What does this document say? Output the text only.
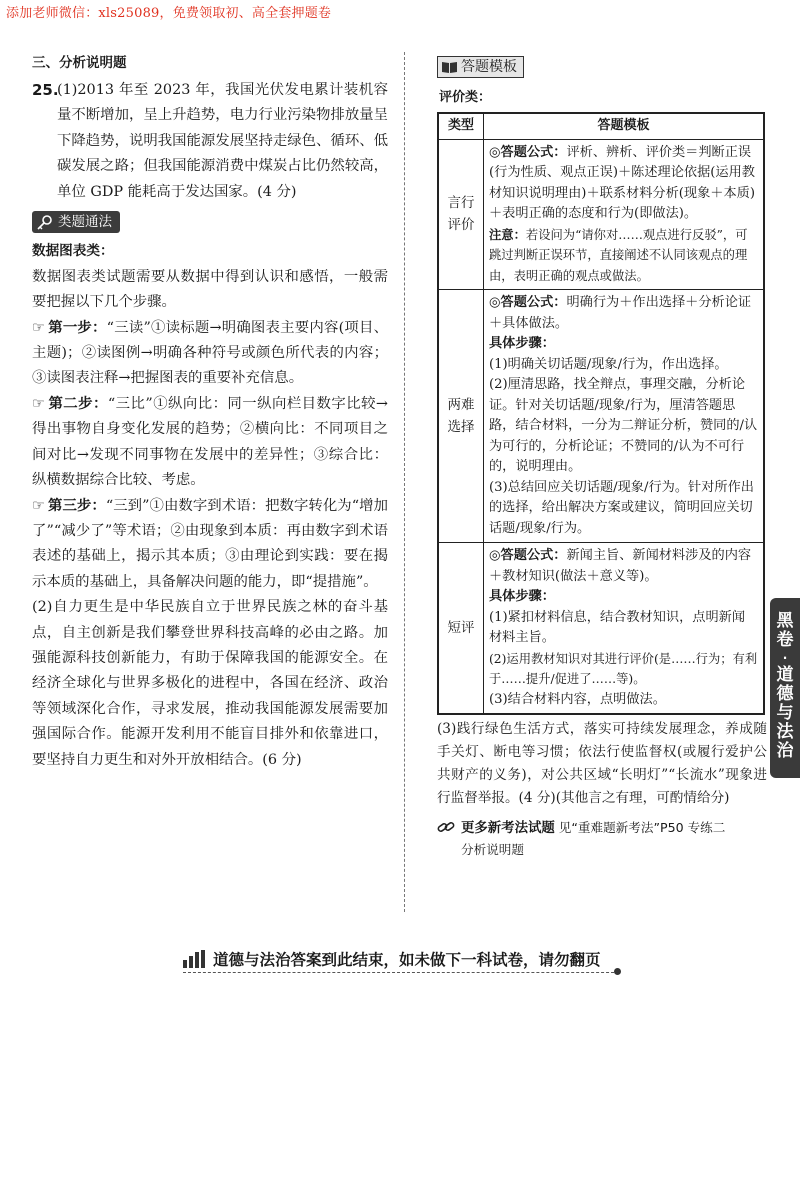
添加老师微信：xls25089，免费领取初、高全套押题卷
三、分析说明题
25.

(1)2013 年至 2023 年，我国光伏发电累计装机容量不断增加，呈上升趋势，电力行业污染物排放量呈下降趋势，说明我国能源发展坚持走绿色、循环、低碳发展之路；但我国能源消费中煤炭占比仍然较高，单位 GDP 能耗高于发达国家。(4 分)

类题通法

数据图表类：

数据图表类试题需要从数据中得到认识和感悟，一般需要把握以下几个步骤。

☞ 第一步：“三读”①读标题→明确图表主要内容(项目、主题)；②读图例→明确各种符号或颜色所代表的内容；③读图表注释→把握图表的重要补充信息。

☞ 第二步：“三比”①纵向比：同一纵向栏目数字比较→得出事物自身变化发展的趋势；②横向比：不同项目之间对比→发现不同事物在发展中的差异性；③综合比：纵横数据综合比较、考虑。

☞ 第三步：“三到”①由数字到术语：把数字转化为“增加了”“减少了”等术语；②由现象到本质：再由数字到术语表述的基础上，揭示其本质；③由理论到实践：要在揭示本质的基础上，具备解决问题的能力，即“提措施”。

(2)自力更生是中华民族自立于世界民族之林的奋斗基点，自主创新是我们攀登世界科技高峰的必由之路。加强能源科技创新能力，有助于保障我国的能源安全。在经济全球化与世界多极化的进程中，各国在经济、政治等领域深化合作，寻求发展，推动我国能源发展需要加强国际合作。能源开发利用不能盲目排外和依靠进口，要坚持自力更生和对外开放相结合。(6 分)

答题模板
评价类：
类型	答题模板
言行评价	◎答题公式：评析、辨析、评价类＝判断正误(行为性质、观点正误)＋陈述理论依据(运用教材知识说明理由)＋联系材料分析(现象＋本质)＋表明正确的态度和行为(即做法)。
注意：若设问为“请你对……观点进行反驳”，可跳过判断正误环节，直接阐述不认同该观点的理由，表明正确的观点或做法。

两难选择	◎答题公式：明确行为＋作出选择＋分析论证＋具体做法。
具体步骤：
(1)明确关切话题/现象/行为，作出选择。
(2)厘清思路，找全辩点，事理交融，分析论证。针对关切话题/现象/行为，厘清答题思路，结合材料，一分为二辩证分析，赞同的/认为可行的，分析论证；不赞同的/认为不可行的，说明理由。
(3)总结回应关切话题/现象/行为。针对所作出的选择，给出解决方案或建议，简明回应关切话题/现象/行为。

短评	◎答题公式：新闻主旨、新闻材料涉及的内容＋教材知识(做法＋意义等)。
具体步骤：
(1)紧扣材料信息，结合教材知识，点明新闻材料主旨。
(2)运用教材知识对其进行评价(是……行为；有利于……提升/促进了……等)。
(3)结合材料内容，点明做法。

(3)践行绿色生活方式，落实可持续发展理念，养成随手关灯、断电等习惯；依法行使监督权(或履行爱护公共财产的义务)，对公共区域“长明灯”“长流水”现象进行监督举报。(4 分)(其他言之有理，可酌情给分)

更多新考法试题 见“重难题新考法”P50 专练二
分析说明题
道德与法治答案到此结束，如未做下一科试卷，请勿翻页
黑
卷
·
道
德
与
法
治
